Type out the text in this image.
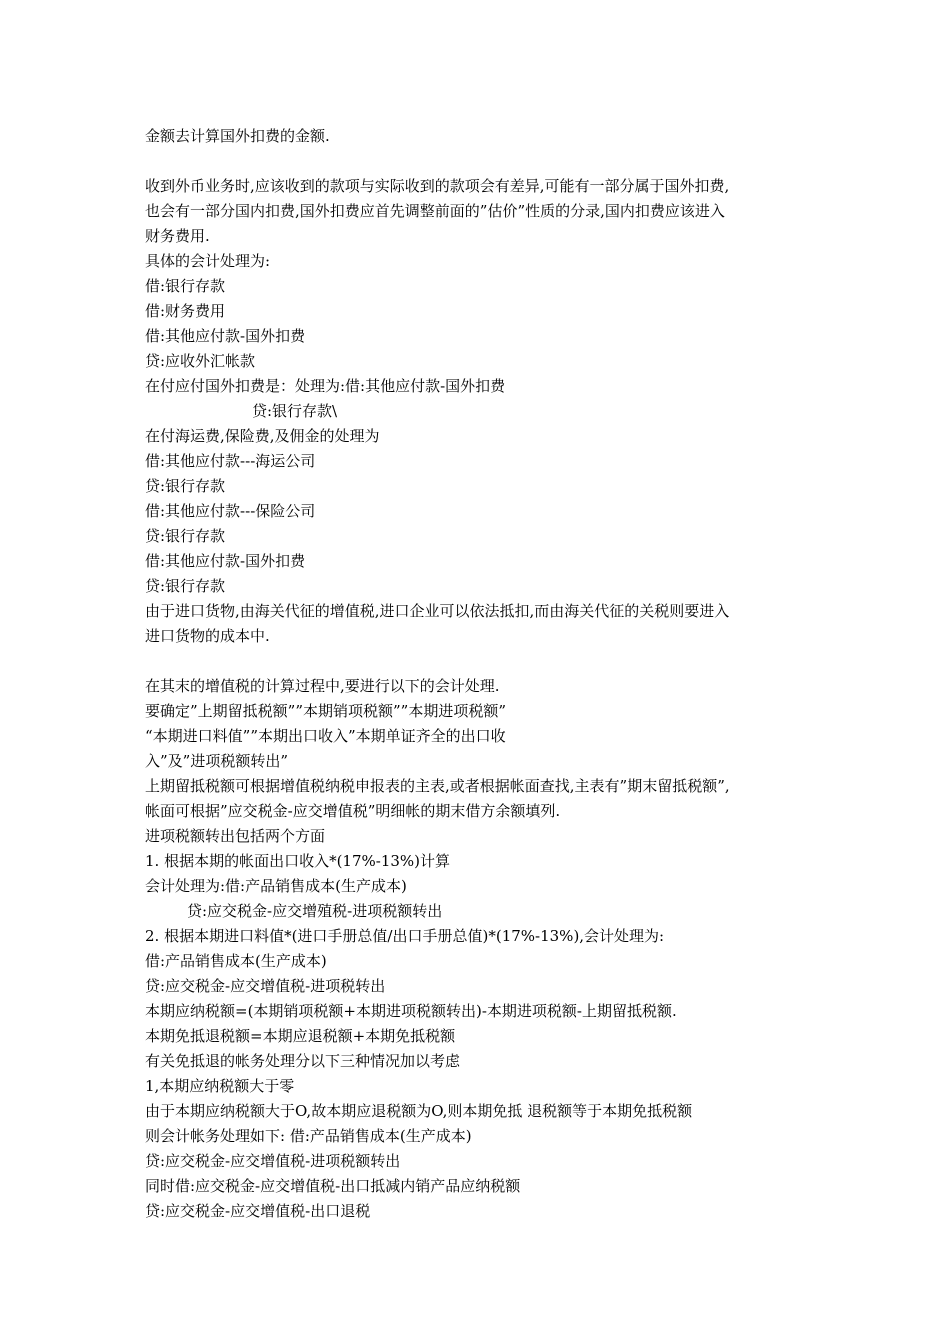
金额去计算国外扣费的金额.
收到外币业务时,应该收到的款项与实际收到的款项会有差异,可能有一部分属于国外扣费,
也会有一部分国内扣费,国外扣费应首先调整前面的”估价”性质的分录,国内扣费应该进入
财务费用.
具体的会计处理为:
借:银行存款
借:财务费用
借:其他应付款-国外扣费
贷:应收外汇帐款
在付应付国外扣费是：处理为:借:其他应付款-国外扣费
贷:银行存款\
在付海运费,保险费,及佣金的处理为
借:其他应付款---海运公司
贷:银行存款
借:其他应付款---保险公司
贷:银行存款
借:其他应付款-国外扣费
贷:银行存款
由于进口货物,由海关代征的增值税,进口企业可以依法抵扣,而由海关代征的关税则要进入
进口货物的成本中.
在其末的增值税的计算过程中,要进行以下的会计处理.
要确定”上期留抵税额””本期销项税额””本期进项税额”
“本期进口料值””本期出口收入”本期单证齐全的出口收
入”及”进项税额转出”
上期留抵税额可根据增值税纳税申报表的主表,或者根据帐面查找,主表有”期末留抵税额”,
帐面可根据”应交税金-应交增值税”明细帐的期末借方余额填列.
进项税额转出包括两个方面
1. 根据本期的帐面出口收入*(17%-13%)计算
会计处理为:借:产品销售成本(生产成本)
贷:应交税金-应交增殖税-进项税额转出
2. 根据本期进口料值*(进口手册总值/出口手册总值)*(17%-13%),会计处理为:
借:产品销售成本(生产成本)
贷:应交税金-应交增值税-进项税转出
本期应纳税额=(本期销项税额+本期进项税额转出)-本期进项税额-上期留抵税额.
本期免抵退税额=本期应退税额+本期免抵税额
有关免抵退的帐务处理分以下三种情况加以考虑
1,本期应纳税额大于零
由于本期应纳税额大于O,故本期应退税额为O,则本期免抵 退税额等于本期免抵税额
则会计帐务处理如下: 借:产品销售成本(生产成本)
贷:应交税金-应交增值税-进项税额转出
同时借:应交税金-应交增值税-出口抵减内销产品应纳税额
贷:应交税金-应交增值税-出口退税
